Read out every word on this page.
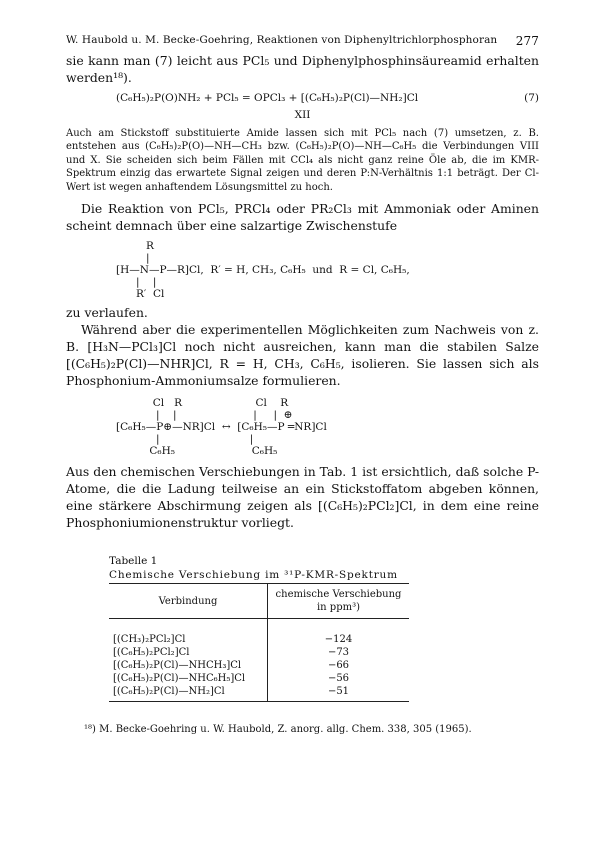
W. Haubold u. M. Becke-Goehring, Reaktionen von Diphenyltrichlorphosphoran 277

sie kann man (7) leicht aus PCl₅ und Diphenylphosphinsäureamid erhalten werden¹⁸).

(C₆H₅)₂P(O)NH₂ + PCl₅ = OPCl₃ + [(C₆H₅)₂P(Cl)—NH₂]Cl	(7)
XII

Auch am Stickstoff substituierte Amide lassen sich mit PCl₅ nach (7) umsetzen, z. B. entstehen aus (C₆H₅)₂P(O)—NH—CH₃ bzw. (C₆H₅)₂P(O)—NH—C₆H₅ die Verbindungen VIII und X. Sie scheiden sich beim Fällen mit CCl₄ als nicht ganz reine Öle ab, die im KMR-Spektrum einzig das erwartete Signal zeigen und deren P:N-Verhältnis 1:1 beträgt. Der Cl-Wert ist wegen anhaftendem Lösungsmittel zu hoch.

Die Reaktion von PCl₅, PRCl₄ oder PR₂Cl₃ mit Ammoniak oder Aminen scheint demnach über eine salzartige Zwischenstufe

R
|
[H—N—P—R]Cl,  R′ = H, CH₃, C₆H₅  und  R = Cl, C₆H₅,
|    |
R′  Cl

zu verlaufen.

Während aber die experimentellen Möglichkeiten zum Nachweis von z. B. [H₃N—PCl₃]Cl noch nicht ausreichen, kann man die stabilen Salze [(C₆H₅)₂P(Cl)—NHR]Cl, R = H, CH₃, C₆H₅, isolieren. Sie lassen sich als Phosphonium-Ammoniumsalze formulieren.

Cl   R                      Cl    R
|    |                       |     |  ⊕
[C₆H₅—P⊕—NR]Cl  ↔  [C₆H₅—P ═NR]Cl
|                           |
C₆H₅                       C₆H₅

Aus den chemischen Verschiebungen in Tab. 1 ist ersichtlich, daß solche P-Atome, die die Ladung teilweise an ein Stickstoffatom abgeben können, eine stärkere Abschirmung zeigen als [(C₆H₅)₂PCl₂]Cl, in dem eine reine Phosphoniumionenstruktur vorliegt.

Tabelle 1
Chemische Verschiebung im ³¹P-KMR-Spektrum
Verbindung	chemische Verschiebung in ppm³)

[(CH₃)₂PCl₂]Cl	−124
[(C₆H₅)₂PCl₂]Cl	−73
[(C₆H₅)₂P(Cl)—NHCH₃]Cl	−66
[(C₆H₅)₂P(Cl)—NHC₆H₅]Cl	−56
[(C₆H₅)₂P(Cl)—NH₂]Cl	−51
¹⁸) M. Becke-Goehring u. W. Haubold, Z. anorg. allg. Chem. 338, 305 (1965).
